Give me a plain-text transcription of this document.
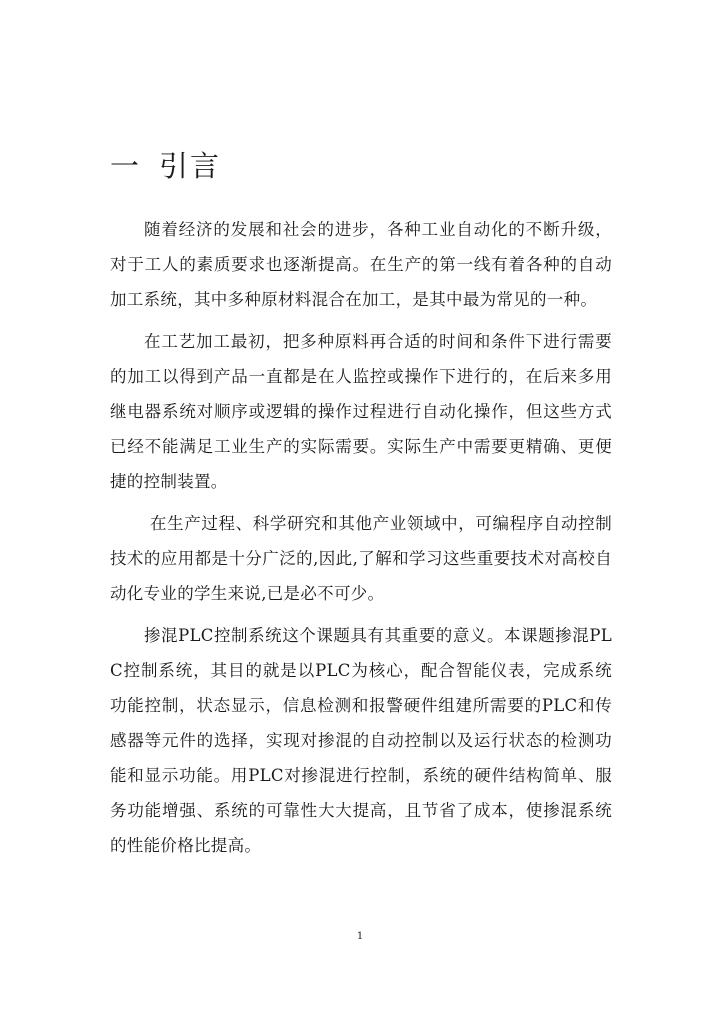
一 引言

随着经济的发展和社会的进步，各种工业自动化的不断升级，对于工人的素质要求也逐渐提高。在生产的第一线有着各种的自动加工系统，其中多种原材料混合在加工，是其中最为常见的一种。

在工艺加工最初，把多种原料再合适的时间和条件下进行需要的加工以得到产品一直都是在人监控或操作下进行的，在后来多用继电器系统对顺序或逻辑的操作过程进行自动化操作，但这些方式已经不能满足工业生产的实际需要。实际生产中需要更精确、更便捷的控制装置。

在生产过程、科学研究和其他产业领域中，可编程序自动控制技术的应用都是十分广泛的,因此,了解和学习这些重要技术对高校自动化专业的学生来说,已是必不可少。

掺混PLC控制系统这个课题具有其重要的意义。本课题掺混PLC控制系统，其目的就是以PLC为核心，配合智能仪表，完成系统功能控制，状态显示，信息检测和报警硬件组建所需要的PLC和传感器等元件的选择，实现对掺混的自动控制以及运行状态的检测功能和显示功能。用PLC对掺混进行控制，系统的硬件结构简单、服务功能增强、系统的可靠性大大提高，且节省了成本，使掺混系统的性能价格比提高。

1
